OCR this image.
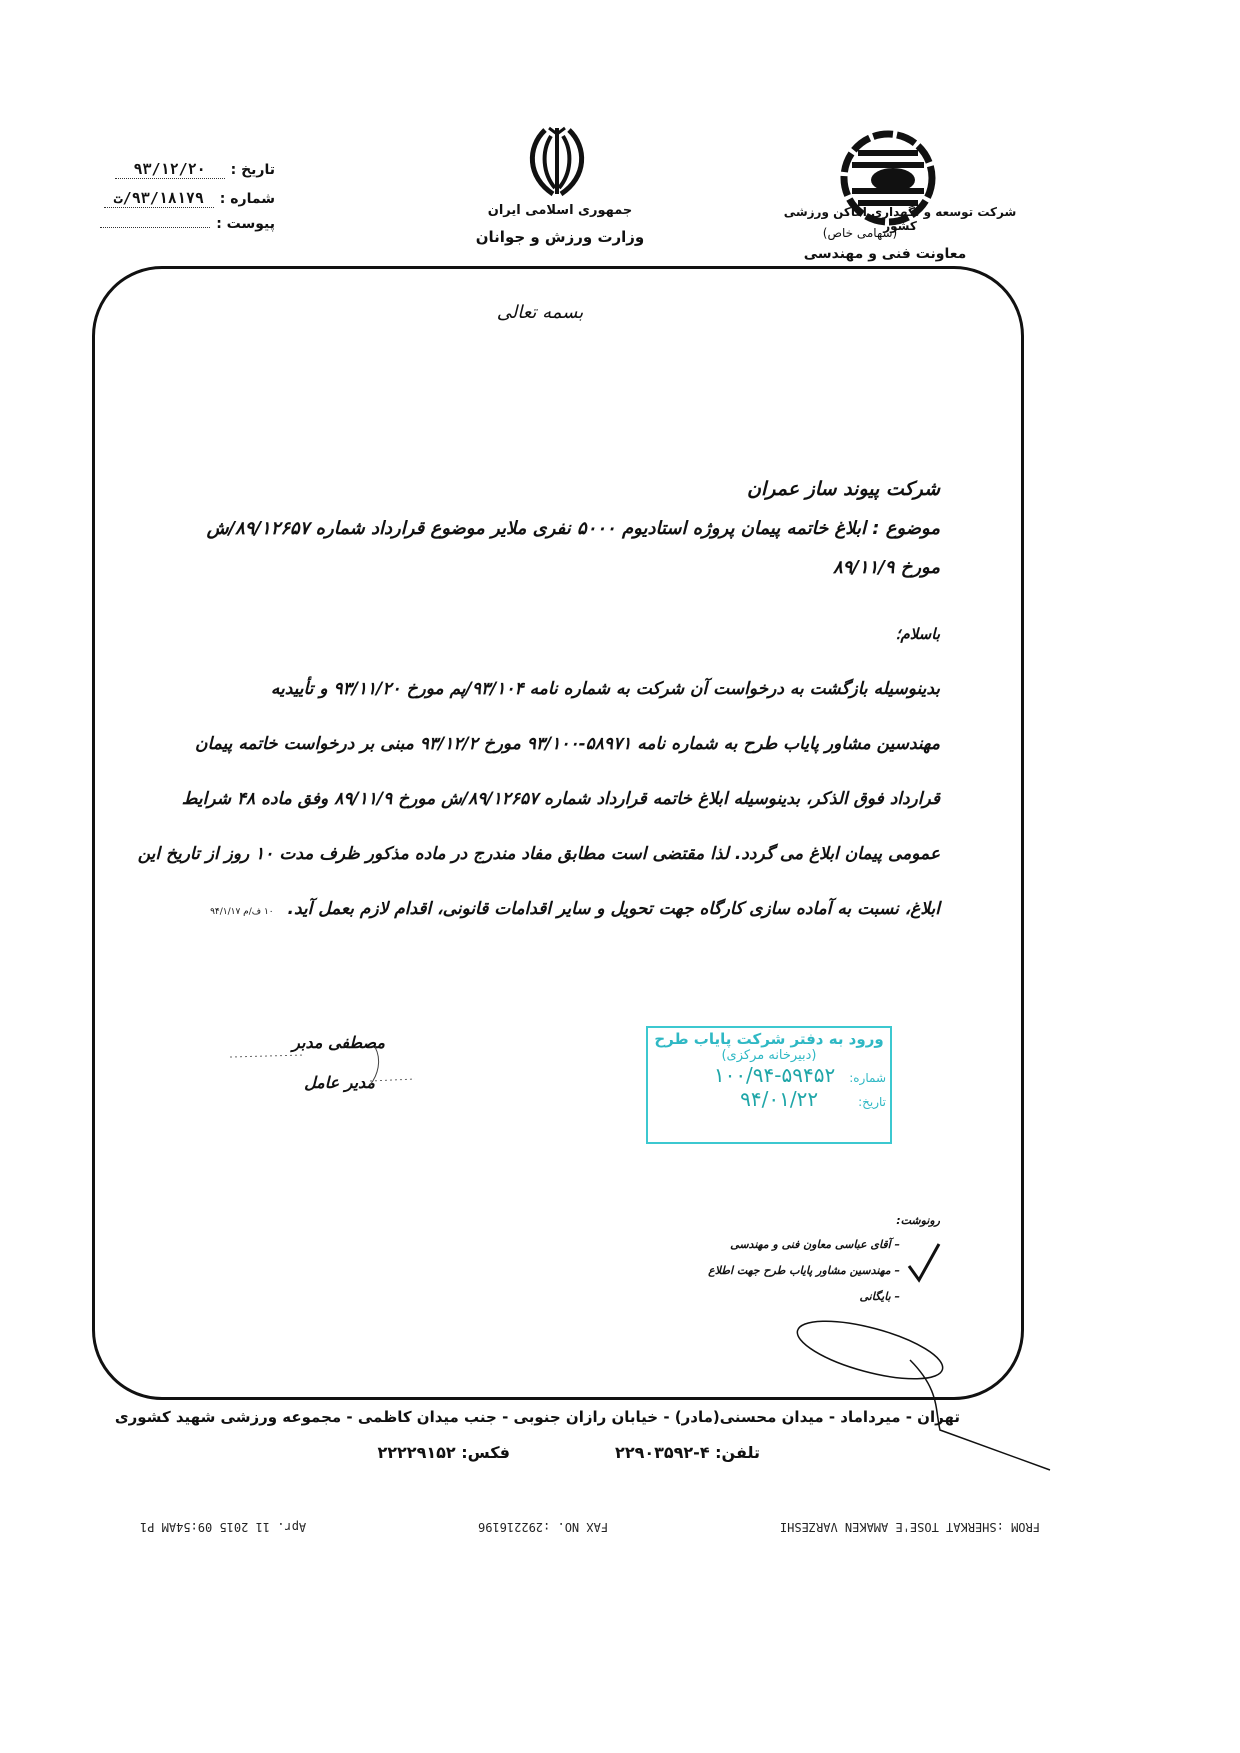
شرکت توسعه و نگهداری اماکن ورزشی کشور
(سهامی خاص)
معاونت فنی و مهندسی
جمهوری اسلامی ایران
وزارت ورزش و جوانان
تاریخ :
۹۳/۱۲/۲۰
شماره :
۹۳/۱۸۱۷۹/ت
پیوست :
بسمه تعالی
شرکت پیوند ساز عمران
موضوع : ابلاغ خاتمه پیمان پروژه استادیوم ۵۰۰۰ نفری ملایر موضوع قرارداد شماره ۸۹/۱۲۶۵۷/ش
مورخ ۸۹/۱۱/۹
باسلام؛
بدینوسیله بازگشت به درخواست آن شرکت به شماره نامه ۹۳/۱۰۴/پم مورخ ۹۳/۱۱/۲۰ و تأییدیه
مهندسین مشاور پایاب طرح به شماره نامه ۵۸۹۷۱-۹۳/۱۰۰ مورخ ۹۳/۱۲/۲ مبنی بر درخواست خاتمه پیمان
قرارداد فوق الذکر، بدینوسیله ابلاغ خاتمه قرارداد شماره ۸۹/۱۲۶۵۷/ش مورخ ۸۹/۱۱/۹ وفق ماده ۴۸ شرایط
عمومی پیمان ابلاغ می گردد. لذا مقتضی است مطابق مفاد مندرج در ماده مذکور ظرف مدت ۱۰ روز از تاریخ این
ابلاغ، نسبت به آماده سازی کارگاه جهت تحویل و سایر اقدامات قانونی، اقدام لازم بعمل آید. ۱۰ ف/م ۹۴/۱/۱۷
مصطفی مدبر
مدیر عامل
ورود به دفتر شرکت پایاب طرح
(دبیرخانه مرکزی)
شماره:
۱۰۰/۹۴-۵۹۴۵۲
تاریخ:
۹۴/۰۱/۲۲
رونوشت:
– آقای عباسی معاون فنی و مهندسی
– مهندسین مشاور پایاب طرح جهت اطلاع
– بایگانی
تهران - میرداماد - میدان محسنی(مادر) - خیابان رازان جنوبی - جنب میدان کاظمی - مجموعه ورزشی شهید کشوری
تلفن: ۴-۲۲۹۰۳۵۹۲
فکس: ۲۲۲۲۹۱۵۲
FROM :SHERKAT TOSE'E AMAKEN VARZESHI
FAX NO. :292216196
Apr. 11 2015 09:54AM P1
